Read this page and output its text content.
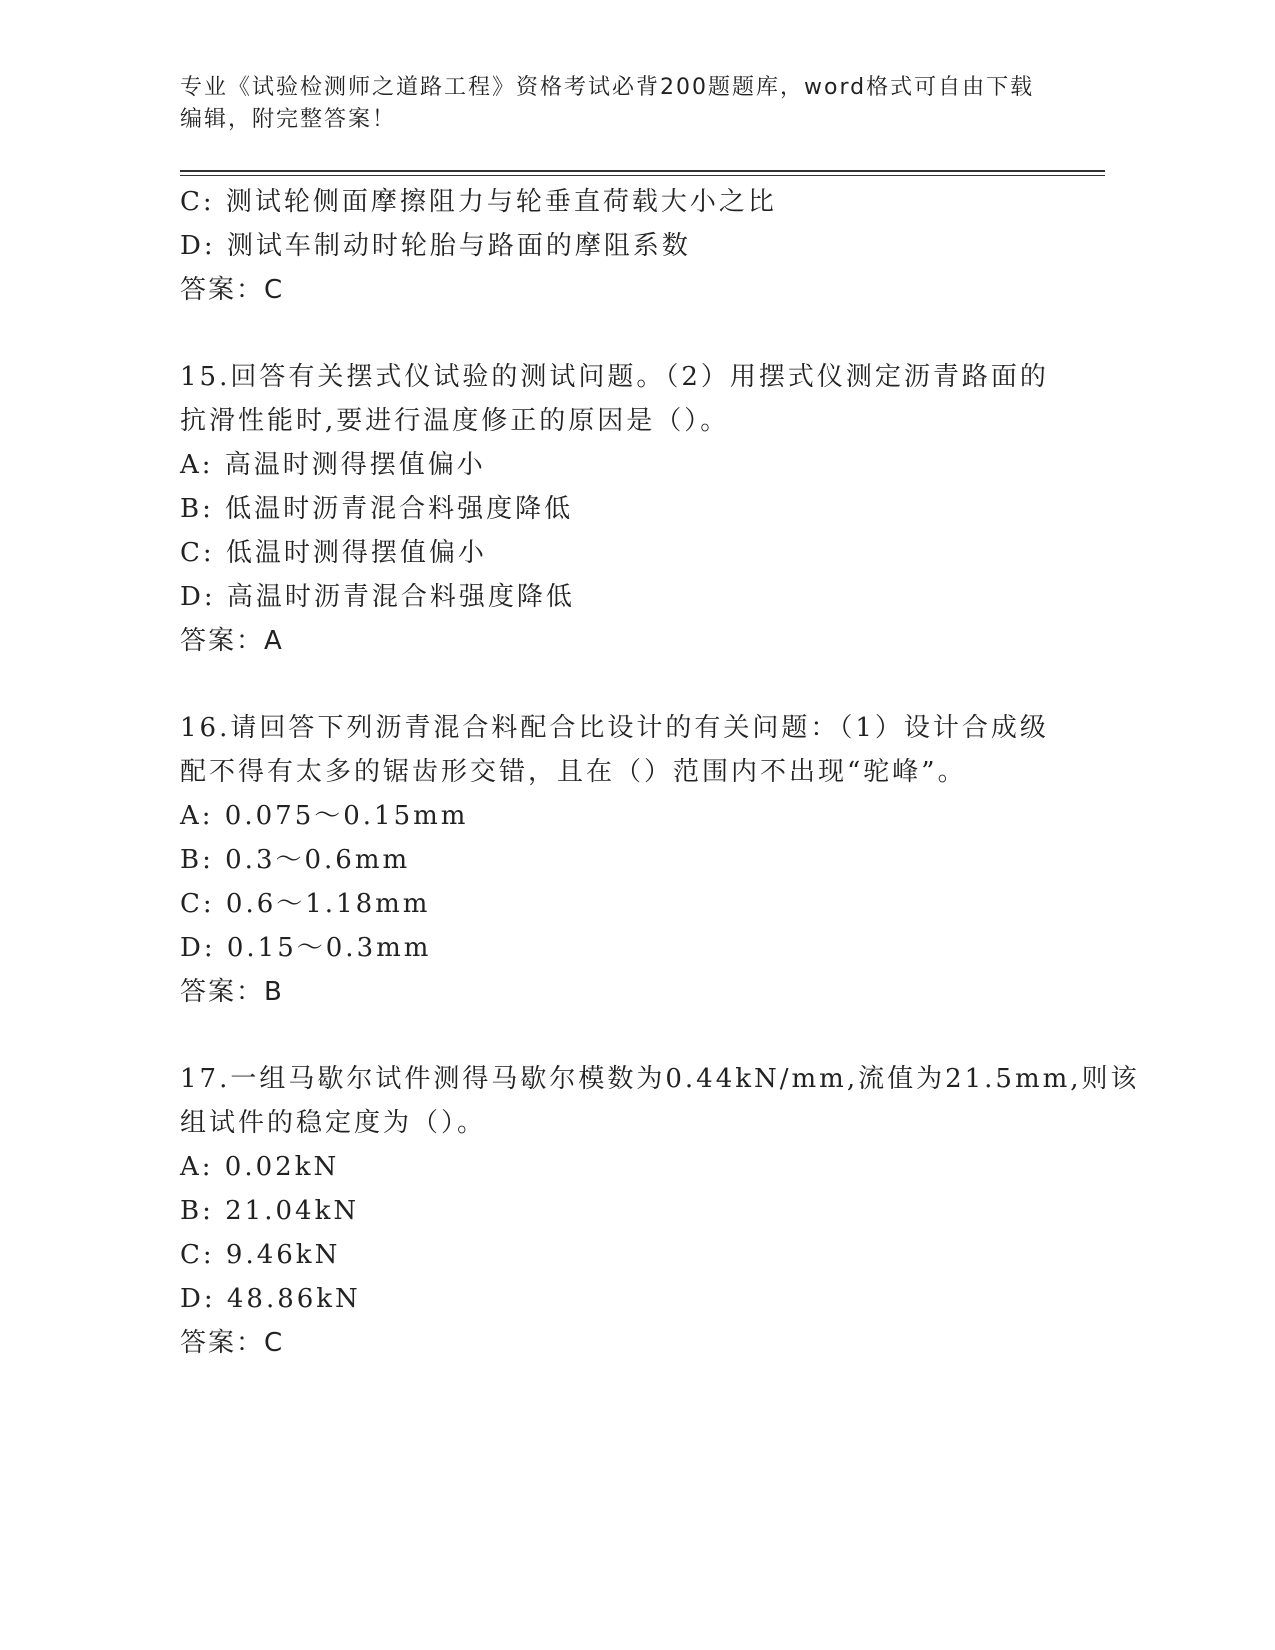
专业《试验检测师之道路工程》资格考试必背200题题库，word格式可自由下载
编辑，附完整答案！
C: 测试轮侧面摩擦阻力与轮垂直荷载大小之比
D: 测试车制动时轮胎与路面的摩阻系数
答案：C
15.回答有关摆式仪试验的测试问题。（2）用摆式仪测定沥青路面的
抗滑性能时,要进行温度修正的原因是（）。
A: 高温时测得摆值偏小
B: 低温时沥青混合料强度降低
C: 低温时测得摆值偏小
D: 高温时沥青混合料强度降低
答案：A
16.请回答下列沥青混合料配合比设计的有关问题：（1）设计合成级
配不得有太多的锯齿形交错，且在（）范围内不出现“驼峰”。
A: 0.075～0.15mm
B: 0.3～0.6mm
C: 0.6～1.18mm
D: 0.15～0.3mm
答案：B
17.一组马歇尔试件测得马歇尔模数为0.44kN/mm,流值为21.5mm,则该
组试件的稳定度为（）。
A: 0.02kN
B: 21.04kN
C: 9.46kN
D: 48.86kN
答案：C
